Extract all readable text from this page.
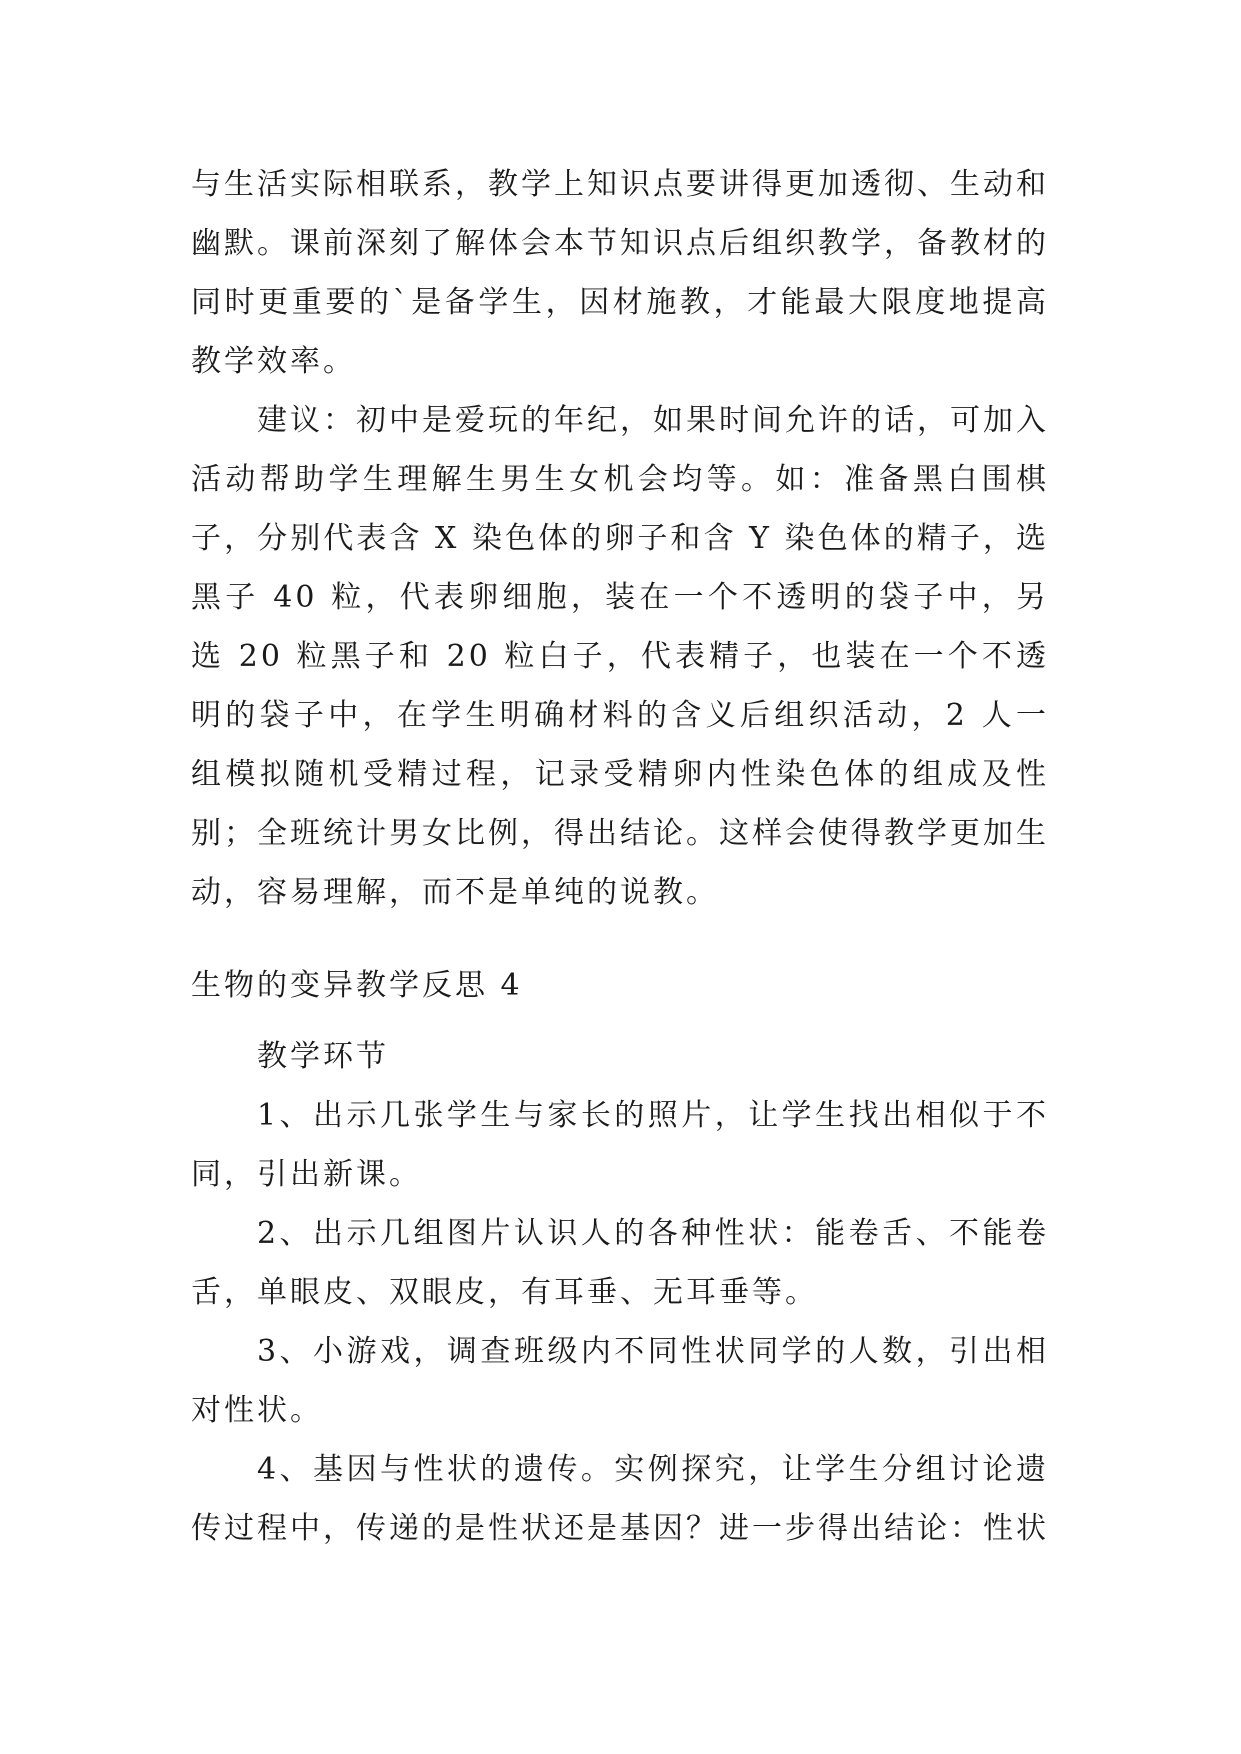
与生活实际相联系，教学上知识点要讲得更加透彻、生动和幽默。课前深刻了解体会本节知识点后组织教学，备教材的同时更重要的`是备学生，因材施教，才能最大限度地提高教学效率。

建议：初中是爱玩的年纪，如果时间允许的话，可加入活动帮助学生理解生男生女机会均等。如：准备黑白围棋子，分别代表含 X 染色体的卵子和含 Y 染色体的精子，选黑子 40 粒，代表卵细胞，装在一个不透明的袋子中，另选 20 粒黑子和 20 粒白子，代表精子，也装在一个不透明的袋子中，在学生明确材料的含义后组织活动，2 人一组模拟随机受精过程，记录受精卵内性染色体的组成及性别；全班统计男女比例，得出结论。这样会使得教学更加生动，容易理解，而不是单纯的说教。

生物的变异教学反思 4

教学环节

1、出示几张学生与家长的照片，让学生找出相似于不同，引出新课。

2、出示几组图片认识人的各种性状：能卷舌、不能卷舌，单眼皮、双眼皮，有耳垂、无耳垂等。

3、小游戏，调查班级内不同性状同学的人数，引出相对性状。

4、基因与性状的遗传。实例探究，让学生分组讨论遗传过程中，传递的是性状还是基因？进一步得出结论：性状
